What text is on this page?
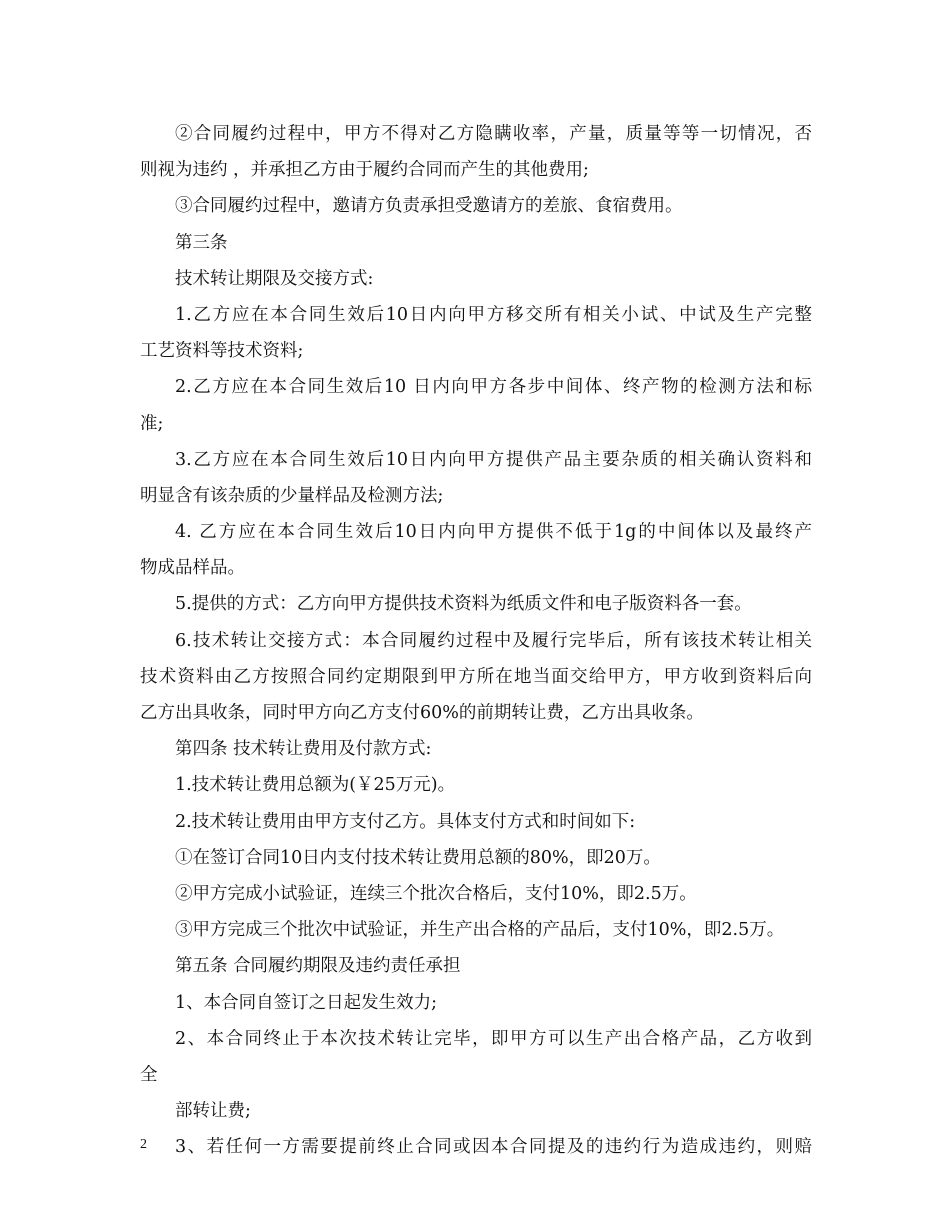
②合同履约过程中，甲方不得对乙方隐瞒收率，产量，质量等等一切情况，否
则视为违约 ，并承担乙方由于履约合同而产生的其他费用;
③合同履约过程中，邀请方负责承担受邀请方的差旅、食宿费用。
第三条
技术转让期限及交接方式:
1.乙方应在本合同生效后10日内向甲方移交所有相关小试、中试及生产完整
工艺资料等技术资料;
2.乙方应在本合同生效后10 日内向甲方各步中间体、终产物的检测方法和标
准;
3.乙方应在本合同生效后10日内向甲方提供产品主要杂质的相关确认资料和
明显含有该杂质的少量样品及检测方法;
4. 乙方应在本合同生效后10日内向甲方提供不低于1g的中间体以及最终产
物成品样品。
5.提供的方式：乙方向甲方提供技术资料为纸质文件和电子版资料各一套。
6.技术转让交接方式：本合同履约过程中及履行完毕后，所有该技术转让相关
技术资料由乙方按照合同约定期限到甲方所在地当面交给甲方，甲方收到资料后向
乙方出具收条，同时甲方向乙方支付60%的前期转让费，乙方出具收条。
第四条 技术转让费用及付款方式:
1.技术转让费用总额为(￥25万元)。
2.技术转让费用由甲方支付乙方。具体支付方式和时间如下:
①在签订合同10日内支付技术转让费用总额的80%，即20万。
②甲方完成小试验证，连续三个批次合格后，支付10%，即2.5万。
③甲方完成三个批次中试验证，并生产出合格的产品后，支付10%，即2.5万。
第五条 合同履约期限及违约责任承担
1、本合同自签订之日起发生效力;
2、本合同终止于本次技术转让完毕，即甲方可以生产出合格产品，乙方收到
全
部转让费;
3、若任何一方需要提前终止合同或因本合同提及的违约行为造成违约，则赔
2
